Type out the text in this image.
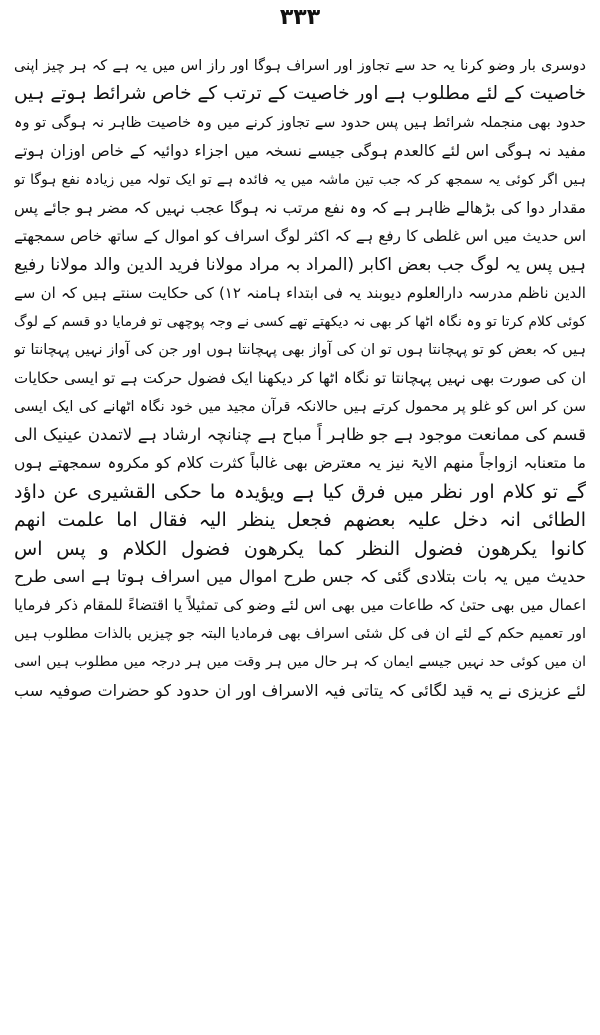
۳۳۳
دوسری بار وضو کرنا یہ حد سے تجاوز اور اسراف ہوگا اور راز اس میں یہ ہے کہ ہر چیز اپنی
خاصیت کے لئے مطلوب ہے اور خاصیت کے ترتب کے خاص شرائط ہوتے ہیں
حدود بھی منجملہ شرائط ہیں پس حدود سے تجاوز کرنے میں وہ خاصیت ظاہر نہ ہوگی تو وہ
مفید نہ ہوگی اس لئے کالعدم ہوگی جیسے نسخہ میں اجزاء دوائیہ کے خاص اوزان ہوتے
ہیں اگر کوئی یہ سمجھ کر کہ جب تین ماشہ میں یہ فائدہ ہے تو ایک تولہ میں زیادہ نفع ہوگا تو
مقدار دوا کی بڑھالے ظاہر ہے کہ وہ نفع مرتب نہ ہوگا عجب نہیں کہ مضر ہو جائے پس
اس حدیث میں اس غلطی کا رفع ہے کہ اکثر لوگ اسراف کو اموال کے ساتھ خاص سمجھتے
ہیں پس یہ لوگ جب بعض اکابر (المراد بہ مراد مولانا فرید الدین والد مولانا رفیع
الدین ناظم مدرسہ دارالعلوم دیوبند یہ فی ابتداء ہامنہ ۱۲) کی حکایت سنتے ہیں کہ ان سے
کوئی کلام کرتا تو وہ نگاہ اٹھا کر بھی نہ دیکھتے تھے کسی نے وجہ پوچھی تو فرمایا دو قسم کے لوگ
ہیں کہ بعض کو تو پہچانتا ہوں تو ان کی آواز بھی پہچانتا ہوں اور جن کی آواز نہیں پہچانتا تو
ان کی صورت بھی نہیں پہچانتا تو نگاہ اٹھا کر دیکھنا ایک فضول حرکت ہے تو ایسی حکایات
سن کر اس کو غلو پر محمول کرتے ہیں حالانکہ قرآن مجید میں خود نگاہ اٹھانے کی ایک ایسی
قسم کی ممانعت موجود ہے جو ظاہر اً مباح ہے چنانچہ ارشاد ہے لاتمدن عینیک الی
ما متعنابہ ازواجاً منھم الایۃ نیز یہ معترض بھی غالباً کثرت کلام کو مکروہ سمجھتے ہوں
گے تو کلام اور نظر میں فرق کیا ہے ویؤیدہ ما حکی القشیری عن داؤد
الطائی انہ دخل علیہ بعضھم فجعل ینظر الیہ فقال اما علمت انھم
کانوا یکرھون فضول النظر کما یکرھون فضول الکلام و پس اس
حدیث میں یہ بات بتلادی گئی کہ جس طرح اموال میں اسراف ہوتا ہے اسی طرح
اعمال میں بھی حتیٰ کہ طاعات میں بھی اس لئے وضو کی تمثیلاً یا اقتضاءً للمقام ذکر فرمایا
اور تعمیم حکم کے لئے ان فی کل شئی اسراف بھی فرمادیا البتہ جو چیزیں بالذات مطلوب ہیں
ان میں کوئی حد نہیں جیسے ایمان کہ ہر حال میں ہر وقت میں ہر درجہ میں مطلوب ہیں اسی
لئے عزیزی نے یہ قید لگائی کہ یتاتی فیہ الاسراف اور ان حدود کو حضرات صوفیہ سب
